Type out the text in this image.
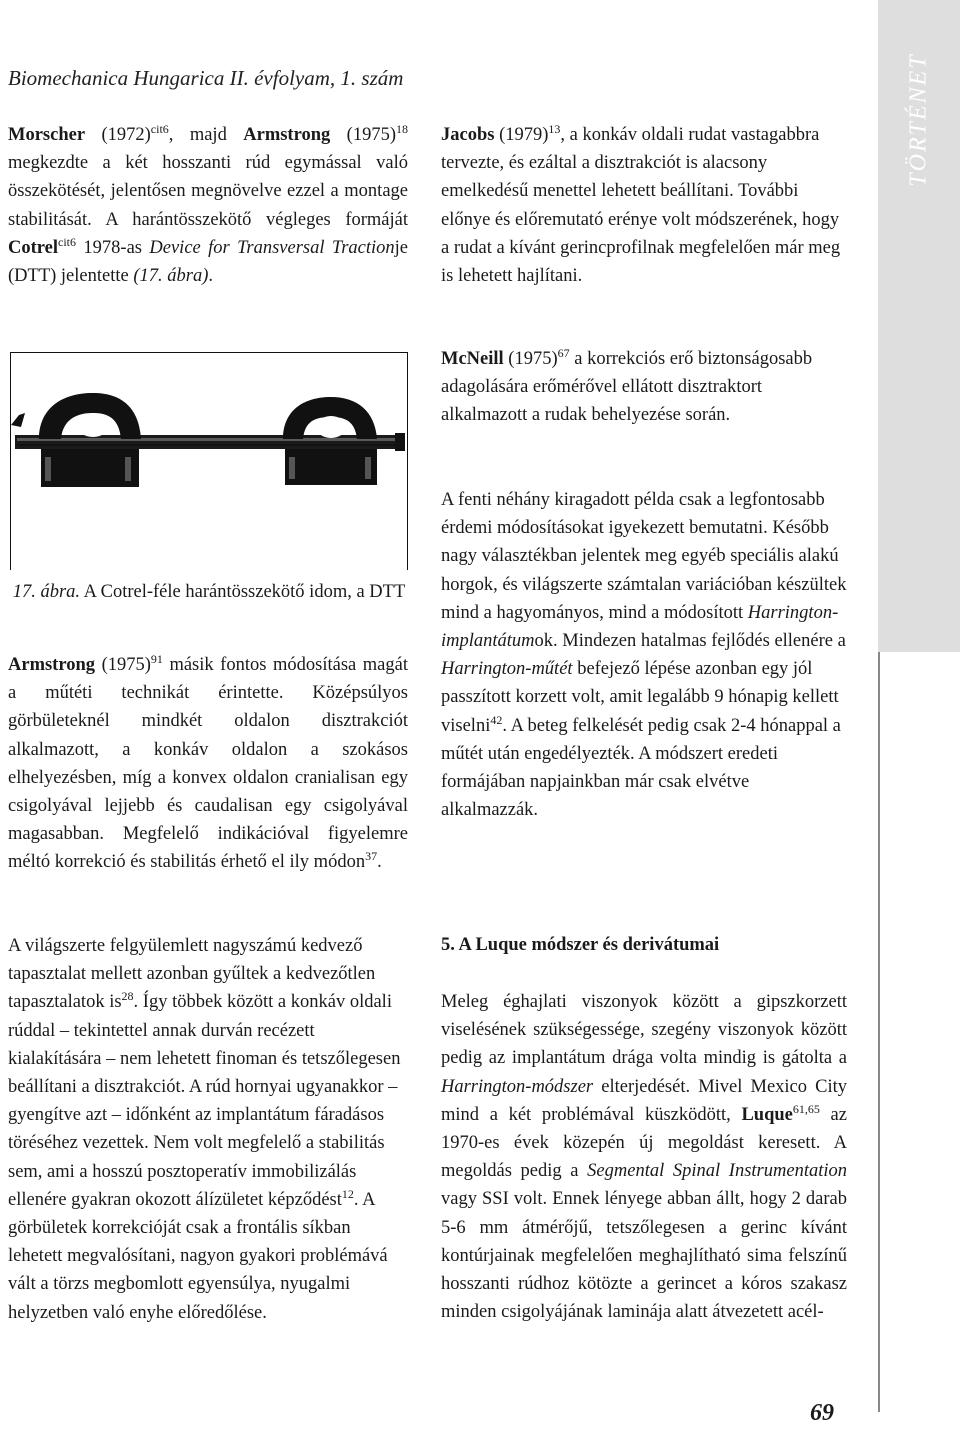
Biomechanica Hungarica II. évfolyam, 1. szám	TÖRTÉNET

Morscher $(1972)^{cit6}$, majd Armstrong $(1975)^{18}$ megkezdte a két hosszanti rúd egymással való összekötését, jelentősen megnövelve ezzel a montage stabilitását. A harántösszekötő végleges formáját Cotrel$^{cit6}$ 1978-as Device for Transversal Tractionje (DTT) jelentette (17. ábra).

17. ábra. A Cotrel-féle harántösszekötő idom, a DTT

Armstrong $(1975)^{91}$ másik fontos módosítása magát a műtéti technikát érintette. Középsúlyos görbületeknél mindkét oldalon disztrakciót alkalmazott, a konkáv oldalon a szokásos elhelyezésben, míg a konvex oldalon cranialisan egy csigolyával lejjebb és caudalisan egy csigolyával magasabban. Megfelelő indikációval figyelemre méltó korrekció és stabilitás érhető el ily módon$^{37}$.

A világszerte felgyülemlett nagyszámú kedvező tapasztalat mellett azonban gyűltek a kedvezőtlen tapasztalatok $is^{28}$. Így többek között a konkáv oldali rúddal – tekintettel annak durván recézett kialakítására – nem lehetett finoman és tetszőlegesen beállítani a disztrakciót. A rúd hornyai ugyanakkor – gyengítve azt – időnként az implantátum fáradásos töréséhez vezettek. Nem volt megfelelő a stabilitás sem, ami a hosszú posztoperatív immobilizálás ellenére gyakran okozott álízületet képződést$^{12}$. A görbületek korrekcióját csak a frontális síkban lehetett megvalósítani, nagyon gyakori problémává vált a törzs megbomlott egyensúlya, nyugalmi helyzetben való enyhe előredőlése.

Jacobs $(1979)^{13}$, a konkáv oldali rudat vastagabbra tervezte, és ezáltal a disztrakciót is alacsony emelkedésű menettel lehetett beállítani. További előnye és előremutató erénye volt módszerének, hogy a rudat a kívánt gerincprofilnak megfelelően már meg is lehetett hajlítani.

McNeill $(1975)^{67}$ a korrekciós erő biztonságosabb adagolására erőmérővel ellátott disztraktort alkalmazott a rudak behelyezése során.

A fenti néhány kiragadott példa csak a legfontosabb érdemi módosításokat igyekezett bemutatni. Később nagy választékban jelentek meg egyéb speciális alakú horgok, és világszerte számtalan variációban készültek mind a hagyományos, mind a módosított Harrington-implantátumok. Mindezen hatalmas fejlődés ellenére a Harrington-műtét befejező lépése azonban egy jól passzított korzett volt, amit legalább 9 hónapig kellett viselni$^{42}$. A beteg felkelését pedig csak 2-4 hónappal a műtét után engedélyezték. A módszert eredeti formájában napjainkban már csak elvétve alkalmazzák.

5. A Luque módszer és derivátumai

Meleg éghajlati viszonyok között a gipszkorzett viselésének szükségessége, szegény viszonyok között pedig az implantátum drága volta mindig is gátolta a Harrington-módszer elterjedését. Mivel Mexico City mind a két problémával küszködött, Luque$^{61,65}$ az 1970-es évek közepén új megoldást keresett. A megoldás pedig a Segmental Spinal Instrumentation vagy SSI volt. Ennek lényege abban állt, hogy 2 darab 5-6 mm átmérőjű, tetszőlegesen a gerinc kívánt kontúrjainak megfelelően meghajlítható sima felszínű hosszanti rúdhoz kötözte a gerincet a kóros szakasz minden csigolyájának laminája alatt átvezetett acél-

69
